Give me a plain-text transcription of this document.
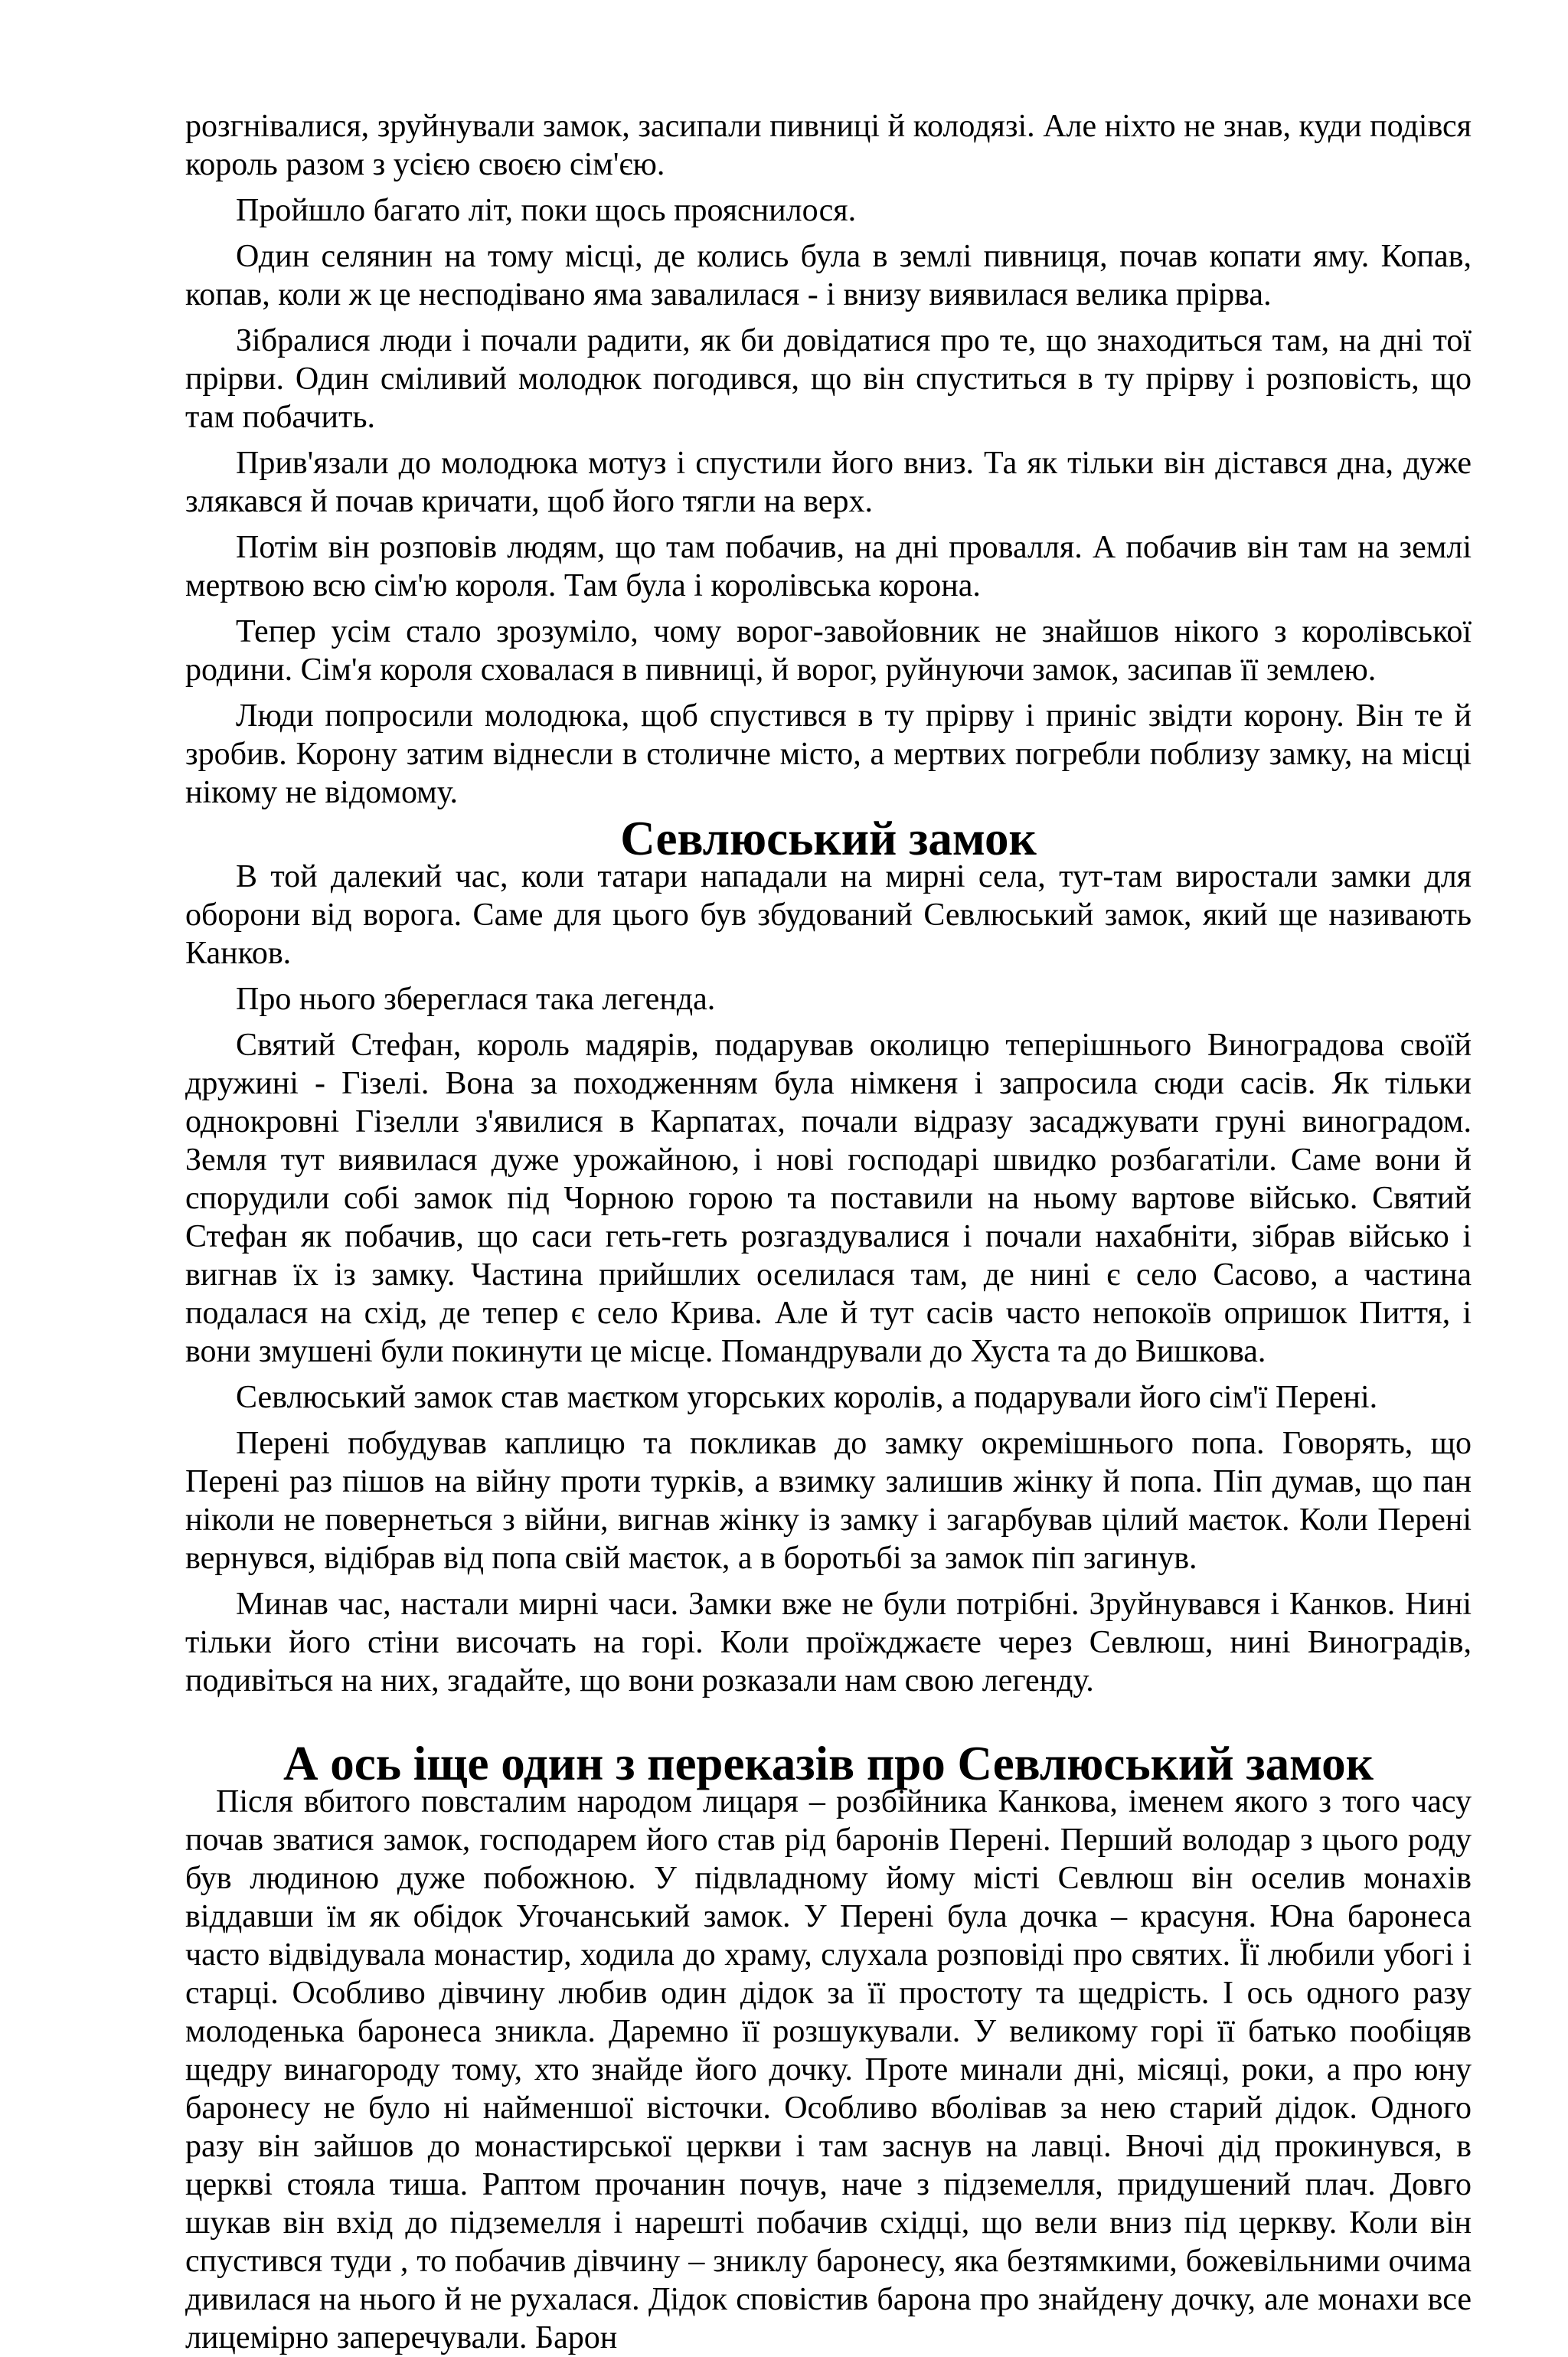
розгнівалися, зруйнували замок, засипали пивниці й колодязі. Але ніхто не знав, куди подівся король разом з усією своєю сім'єю.

Пройшло багато літ, поки щось прояснилося.

Один селянин на тому місці, де колись була в землі пивниця, почав копати яму. Копав, копав, коли ж це несподівано яма завалилася - і внизу виявилася велика прірва.

Зібралися люди і почали радити, як би довідатися про те, що знаходиться там, на дні тої прірви. Один сміливий молодюк погодився, що він спуститься в ту прірву і розповість, що там побачить.

Прив'язали до молодюка мотуз і спустили його вниз. Та як тільки він дістався дна, дуже злякався й почав кричати, щоб його тягли на верх.

Потім він розповів людям, що там побачив, на дні провалля. А побачив він там на землі мертвою всю сім'ю короля. Там була і королівська корона.

Тепер усім стало зрозуміло, чому ворог-завойовник не знайшов нікого з королівської родини. Сім'я короля сховалася в пивниці, й ворог, руйнуючи замок, засипав її землею.

Люди попросили молодюка, щоб спустився в ту прірву і приніс звідти корону. Він те й зробив. Корону затим віднесли в столичне місто, а мертвих погребли поблизу замку, на місці нікому не відомому.

Севлюський замок

В той далекий час, коли татари нападали на мирні села, тут-там виростали замки для оборони від ворога. Саме для цього був збудований Севлюський замок, який ще називають Канков.

Про нього збереглася така легенда.

Святий Стефан, король мадярів, подарував околицю теперішнього Виноградова своїй дружині - Гізелі. Вона за походженням була німкеня і запросила сюди сасів. Як тільки однокровні Гізелли з'явилися в Карпатах, почали відразу засаджувати груні виноградом. Земля тут виявилася дуже урожайною, і нові господарі швидко розбагатіли. Саме вони й спорудили собі замок під Чорною горою та поставили на ньому вартове військо. Святий Стефан як побачив, що саси геть-геть розгаздувалися і почали нахабніти, зібрав військо і вигнав їх із замку. Частина прийшлих оселилася там, де нині є село Сасово, а частина подалася на схід, де тепер є село Крива. Але й тут сасів часто непокоїв опришок Пиття, і вони змушені були покинути це місце. Помандрували до Хуста та до Вишкова.

Севлюський замок став маєтком угорських королів, а подарували його сім'ї Перені.

Перені побудував каплицю та покликав до замку окремішнього попа. Говорять, що Перені раз пішов на війну проти турків, а взимку залишив жінку й попа. Піп думав, що пан ніколи не повернеться з війни, вигнав жінку із замку і загарбував цілий маєток. Коли Перені вернувся, відібрав від попа свій маєток, а в боротьбі за замок піп загинув.

Минав час, настали мирні часи. Замки вже не були потрібні. Зруйнувався і Канков. Нині тільки його стіни височать на горі. Коли проїжджаєте через Севлюш, нині Виноградів, подивіться на них, згадайте, що вони розказали нам свою легенду.

А ось іще один з переказів про Севлюський замок

Після вбитого повсталим народом лицаря – розбійника Канкова, іменем якого з того часу почав зватися замок, господарем його став рід баронів Перені. Перший володар з цього роду був людиною дуже побожною. У підвладному йому місті Севлюш він оселив монахів віддавши їм як обідок Угочанський замок. У Перені була дочка – красуня. Юна баронеса часто відвідувала монастир, ходила до храму, слухала розповіді про святих. Її любили убогі і старці. Особливо дівчину любив один дідок за її простоту та щедрість. І ось одного разу молоденька баронеса зникла. Даремно її розшукували. У великому горі її батько пообіцяв щедру винагороду тому, хто знайде його дочку. Проте минали дні, місяці, роки, а про юну баронесу не було ні найменшої вісточки. Особливо вболівав за нею старий дідок. Одного разу він зайшов до монастирської церкви і там заснув на лавці. Вночі дід прокинувся, в церкві стояла тиша. Раптом прочанин почув, наче з підземелля, придушений плач. Довго шукав він вхід до підземелля і нарешті побачив східці, що вели вниз під церкву. Коли він спустився туди , то побачив дівчину – зниклу баронесу, яка безтямкими, божевільними очима дивилася на нього й не рухалася. Дідок сповістив барона про знайдену дочку, але монахи все лицемірно заперечували. Барон
